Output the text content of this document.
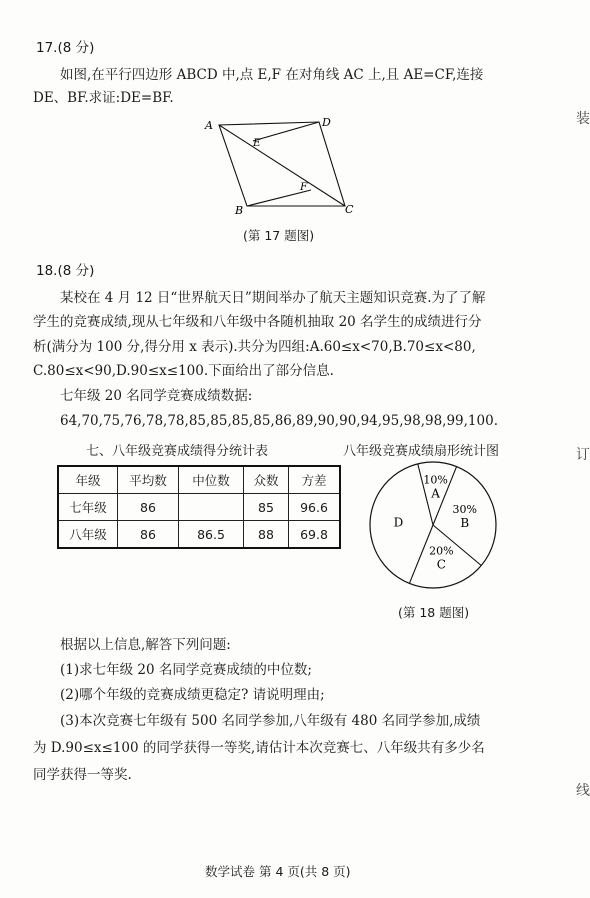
17.(8 分)
如图,在平行四边形 ABCD 中,点 E,F 在对角线 AC 上,且 AE=CF,连接
DE、BF.求证:DE=BF.
A	D
B	C
E
F
(第 17 题图)
18.(8 分)
某校在 4 月 12 日“世界航天日”期间举办了航天主题知识竞赛.为了了解
学生的竞赛成绩,现从七年级和八年级中各随机抽取 20 名学生的成绩进行分
析(满分为 100 分,得分用 x 表示).共分为四组:A.60≤x<70,B.70≤x<80,
C.80≤x<90,D.90≤x≤100.下面给出了部分信息.
七年级 20 名同学竞赛成绩数据:
64,70,75,76,78,78,85,85,85,85,86,89,90,90,94,95,98,98,99,100.
七、八年级竞赛成绩得分统计表	八年级竞赛成绩扇形统计图
年级	平均数	中位数	众数	方差
七年级	86		85	96.6
八年级	86	86.5	88	69.8
10%
A
30%
B
20%
C
D
(第 18 题图)
根据以上信息,解答下列问题:
(1)求七年级 20 名同学竞赛成绩的中位数;
(2)哪个年级的竞赛成绩更稳定? 请说明理由;
(3)本次竞赛七年级有 500 名同学参加,八年级有 480 名同学参加,成绩
为 D.90≤x≤100 的同学获得一等奖,请估计本次竞赛七、八年级共有多少名
同学获得一等奖.
数学试卷 第 4 页(共 8 页)
装
订
线
